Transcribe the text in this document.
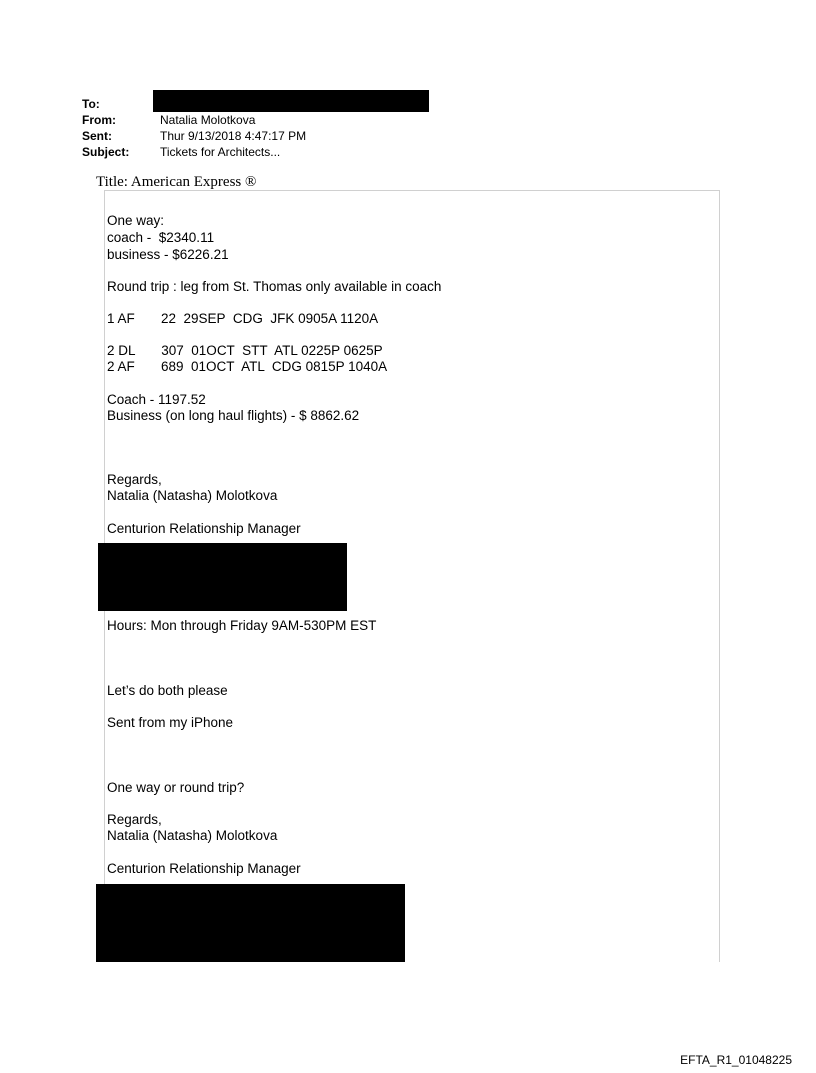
To:
From:	Natalia Molotkova
Sent:	Thur 9/13/2018 4:47:17 PM
Subject:	Tickets for Architects...
Title: American Express ®
One way:
coach -  $2340.11
business - $6226.21
Round trip : leg from St. Thomas only available in coach
1 AF       22  29SEP  CDG  JFK 0905A 1120A
2 DL       307  01OCT  STT  ATL 0225P 0625P
2 AF       689  01OCT  ATL  CDG 0815P 1040A
Coach - 1197.52
Business (on long haul flights) - $ 8862.62
Regards,
Natalia (Natasha) Molotkova
Centurion Relationship Manager
Hours: Mon through Friday 9AM-530PM EST
Let’s do both please
Sent from my iPhone
One way or round trip?
Regards,
Natalia (Natasha) Molotkova
Centurion Relationship Manager
EFTA_R1_01048225
